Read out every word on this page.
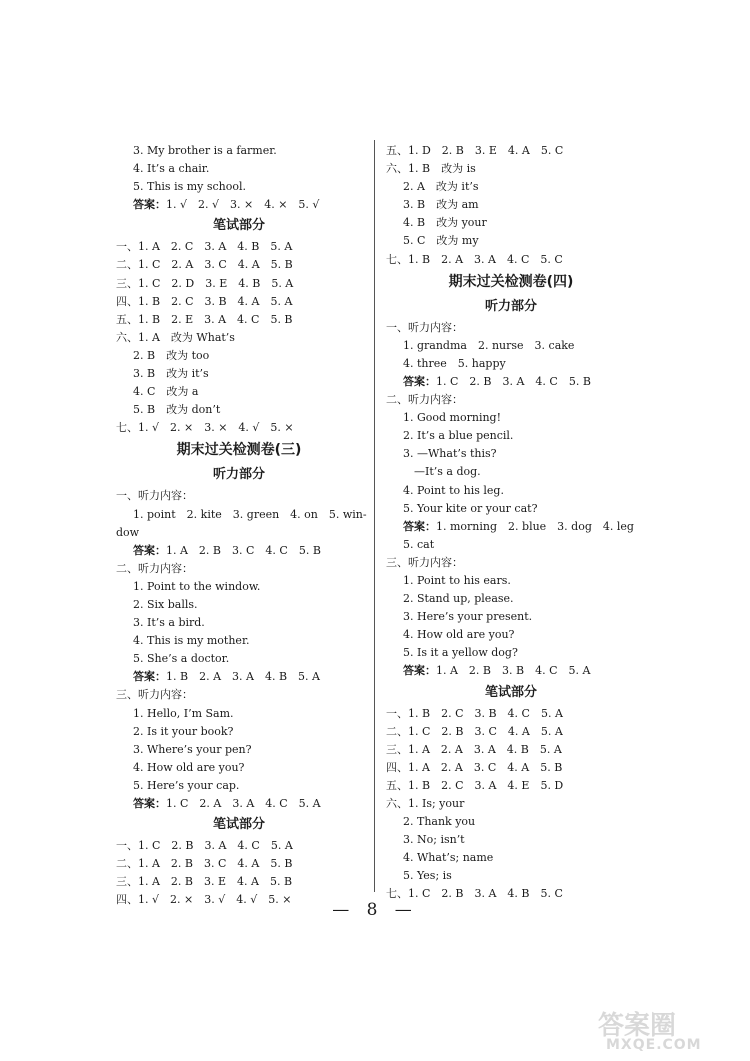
3. My brother is a farmer.
4. It’s a chair.
5. This is my school.
答案：1. √　2. √　3. ×　4. ×　5. √
笔试部分
一、1. A　2. C　3. A　4. B　5. A
二、1. C　2. A　3. C　4. A　5. B
三、1. C　2. D　3. E　4. B　5. A
四、1. B　2. C　3. B　4. A　5. A
五、1. B　2. E　3. A　4. C　5. B
六、1. A　改为 What’s
2. B　改为 too
3. B　改为 it’s
4. C　改为 a
5. B　改为 don’t
七、1. √　2. ×　3. ×　4. √　5. ×
期末过关检测卷(三)
听力部分
一、听力内容：
1. point　2. kite　3. green　4. on　5. win-
dow
答案：1. A　2. B　3. C　4. C　5. B
二、听力内容：
1. Point to the window.
2. Six balls.
3. It’s a bird.
4. This is my mother.
5. She’s a doctor.
答案：1. B　2. A　3. A　4. B　5. A
三、听力内容：
1. Hello, I’m Sam.
2. Is it your book?
3. Where’s your pen?
4. How old are you?
5. Here’s your cap.
答案：1. C　2. A　3. A　4. C　5. A
笔试部分
一、1. C　2. B　3. A　4. C　5. A
二、1. A　2. B　3. C　4. A　5. B
三、1. A　2. B　3. E　4. A　5. B
四、1. √　2. ×　3. √　4. √　5. ×
五、1. D　2. B　3. E　4. A　5. C
六、1. B　改为 is
2. A　改为 it’s
3. B　改为 am
4. B　改为 your
5. C　改为 my
七、1. B　2. A　3. A　4. C　5. C
期末过关检测卷(四)
听力部分
一、听力内容：
1. grandma　2. nurse　3. cake
4. three　5. happy
答案：1. C　2. B　3. A　4. C　5. B
二、听力内容：
1. Good morning!
2. It’s a blue pencil.
3. —What’s this?
—It’s a dog.
4. Point to his leg.
5. Your kite or your cat?
答案：1. morning　2. blue　3. dog　4. leg
5. cat
三、听力内容：
1. Point to his ears.
2. Stand up, please.
3. Here’s your present.
4. How old are you?
5. Is it a yellow dog?
答案：1. A　2. B　3. B　4. C　5. A
笔试部分
一、1. B　2. C　3. B　4. C　5. A
二、1. C　2. B　3. C　4. A　5. A
三、1. A　2. A　3. A　4. B　5. A
四、1. A　2. A　3. C　4. A　5. B
五、1. B　2. C　3. A　4. E　5. D
六、1. Is; your
2. Thank you
3. No; isn’t
4. What’s; name
5. Yes; is
七、1. C　2. B　3. A　4. B　5. C
— 8 —
答案圈
MXQE.COM
